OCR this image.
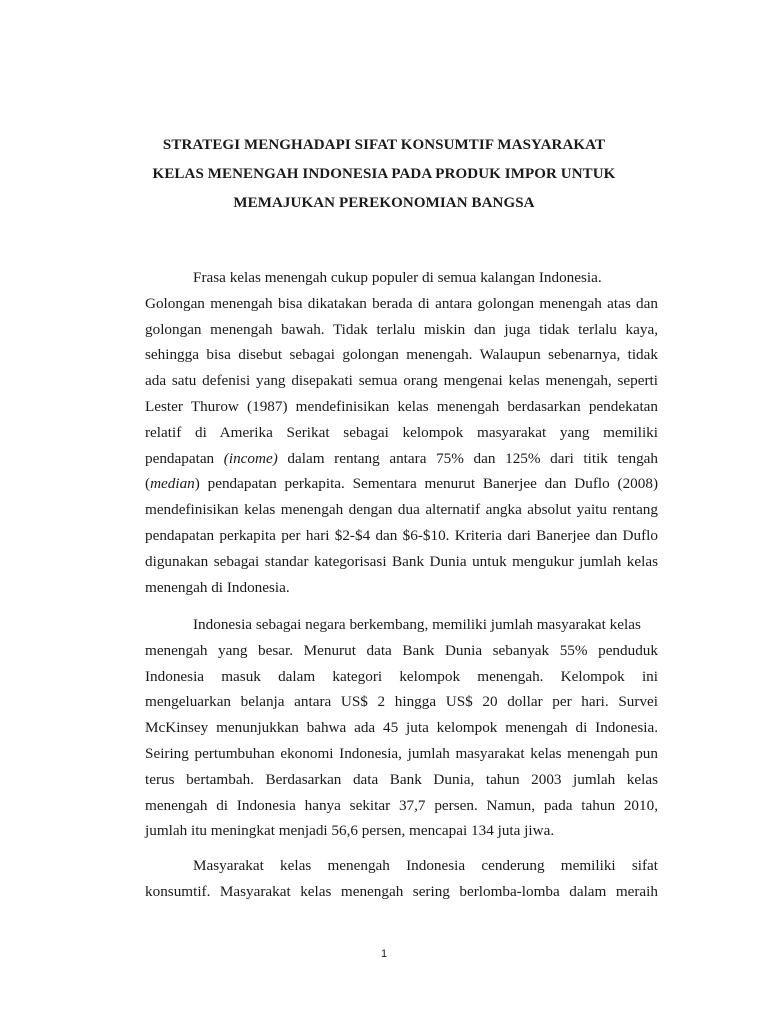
STRATEGI MENGHADAPI SIFAT KONSUMTIF MASYARAKAT
KELAS MENENGAH INDONESIA PADA PRODUK IMPOR UNTUK
MEMAJUKAN PEREKONOMIAN BANGSA
Frasa kelas menengah cukup populer di semua kalangan Indonesia.
Golongan menengah bisa dikatakan berada di antara golongan menengah atas dan
golongan menengah bawah. Tidak terlalu miskin dan juga tidak terlalu kaya,
sehingga bisa disebut sebagai golongan menengah. Walaupun sebenarnya, tidak
ada satu defenisi yang disepakati semua orang mengenai kelas menengah, seperti
Lester Thurow (1987) mendefinisikan kelas menengah berdasarkan pendekatan
relatif di Amerika Serikat sebagai kelompok masyarakat yang memiliki
pendapatan (income) dalam rentang antara 75% dan 125% dari titik tengah
(median) pendapatan perkapita. Sementara menurut Banerjee dan Duflo (2008)
mendefinisikan kelas menengah dengan dua alternatif angka absolut yaitu rentang
pendapatan perkapita per hari $2-$4 dan $6-$10. Kriteria dari Banerjee dan Duflo
digunakan sebagai standar kategorisasi Bank Dunia untuk mengukur jumlah kelas
menengah di Indonesia.
Indonesia sebagai negara berkembang, memiliki jumlah masyarakat kelas
menengah yang besar. Menurut data Bank Dunia sebanyak 55% penduduk
Indonesia masuk dalam kategori kelompok menengah. Kelompok ini
mengeluarkan belanja antara US$ 2 hingga US$ 20 dollar per hari. Survei
McKinsey menunjukkan bahwa ada 45 juta kelompok menengah di Indonesia.
Seiring pertumbuhan ekonomi Indonesia, jumlah masyarakat kelas menengah pun
terus bertambah. Berdasarkan data Bank Dunia, tahun 2003 jumlah kelas
menengah di Indonesia hanya sekitar 37,7 persen. Namun, pada tahun 2010,
jumlah itu meningkat menjadi 56,6 persen, mencapai 134 juta jiwa.
Masyarakat kelas menengah Indonesia cenderung memiliki sifat
konsumtif. Masyarakat kelas menengah sering berlomba-lomba dalam meraih
1
